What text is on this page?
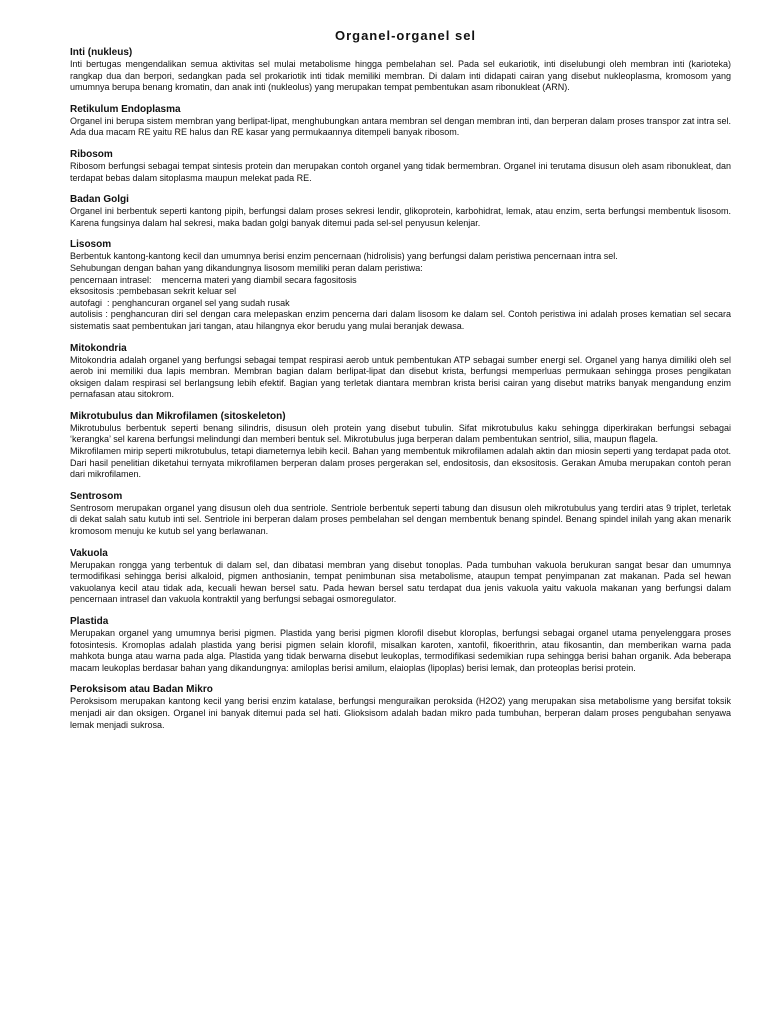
Organel-organel sel
Inti (nukleus)
Inti bertugas mengendalikan semua aktivitas sel mulai metabolisme hingga pembelahan sel. Pada sel eukariotik, inti diselubungi oleh membran inti (karioteka) rangkap dua dan berpori, sedangkan pada sel prokariotik inti tidak memiliki membran. Di dalam inti didapati cairan yang disebut nukleoplasma, kromosom yang umumnya berupa benang kromatin, dan anak inti (nukleolus) yang merupakan tempat pembentukan asam ribonukleat (ARN).
Retikulum Endoplasma
Organel ini berupa sistem membran yang berlipat-lipat, menghubungkan antara membran sel dengan membran inti, dan berperan dalam proses transpor zat intra sel. Ada dua macam RE yaitu RE halus dan RE kasar yang permukaannya ditempeli banyak ribosom.
Ribosom
Ribosom berfungsi sebagai tempat sintesis protein dan merupakan contoh organel yang tidak bermembran. Organel ini terutama disusun oleh asam ribonukleat, dan terdapat bebas dalam sitoplasma maupun melekat pada RE.
Badan Golgi
Organel ini berbentuk seperti kantong pipih, berfungsi dalam proses sekresi lendir, glikoprotein, karbohidrat, lemak, atau enzim, serta berfungsi membentuk lisosom. Karena fungsinya dalam hal sekresi, maka badan golgi banyak ditemui pada sel-sel penyusun kelenjar.
Lisosom
Berbentuk kantong-kantong kecil dan umumnya berisi enzim pencernaan (hidrolisis) yang berfungsi dalam peristiwa pencernaan intra sel.
Sehubungan dengan bahan yang dikandungnya lisosom memiliki peran dalam peristiwa:
pencernaan intrasel:    mencerna materi yang diambil secara fagositosis
eksositosis :pembebasan sekrit keluar sel
autofagi  : penghancuran organel sel yang sudah rusak
autolisis : penghancuran diri sel dengan cara melepaskan enzim pencerna dari dalam lisosom ke dalam sel. Contoh peristiwa ini adalah proses kematian sel secara sistematis saat pembentukan jari tangan, atau hilangnya ekor berudu yang mulai beranjak dewasa.
Mitokondria
Mitokondria adalah organel yang berfungsi sebagai tempat respirasi aerob untuk pembentukan ATP sebagai sumber energi sel. Organel yang hanya dimiliki oleh sel aerob ini memiliki dua lapis membran. Membran bagian dalam berlipat-lipat dan disebut krista, berfungsi memperluas permukaan sehingga proses pengikatan oksigen dalam respirasi sel berlangsung lebih efektif. Bagian yang terletak diantara membran krista berisi cairan yang disebut matriks banyak mengandung enzim pernafasan atau sitokrom.
Mikrotubulus dan Mikrofilamen (sitoskeleton)
Mikrotubulus berbentuk seperti benang silindris, disusun oleh protein yang disebut tubulin. Sifat mikrotubulus kaku sehingga diperkirakan berfungsi sebagai ‘kerangka’ sel karena berfungsi melindungi dan memberi bentuk sel. Mikrotubulus juga berperan dalam pembentukan sentriol, silia, maupun flagela.
Mikrofilamen mirip seperti mikrotubulus, tetapi diameternya lebih kecil. Bahan yang membentuk mikrofilamen adalah aktin dan miosin seperti yang terdapat pada otot. Dari hasil penelitian diketahui ternyata mikrofilamen berperan dalam proses pergerakan sel, endositosis, dan eksositosis. Gerakan Amuba merupakan contoh peran dari mikrofilamen.
Sentrosom
Sentrosom merupakan organel yang disusun oleh dua sentriole. Sentriole berbentuk seperti tabung dan disusun oleh mikrotubulus yang terdiri atas 9 triplet, terletak di dekat salah satu kutub inti sel. Sentriole ini berperan dalam proses pembelahan sel dengan membentuk benang spindel. Benang spindel inilah yang akan menarik kromosom menuju ke kutub sel yang berlawanan.
Vakuola
Merupakan rongga yang terbentuk di dalam sel, dan dibatasi membran yang disebut tonoplas. Pada tumbuhan vakuola berukuran sangat besar dan umumnya termodifikasi sehingga berisi alkaloid, pigmen anthosianin, tempat penimbunan sisa metabolisme, ataupun tempat penyimpanan zat makanan. Pada sel hewan vakuolanya kecil atau tidak ada, kecuali hewan bersel satu. Pada hewan bersel satu terdapat dua jenis vakuola yaitu vakuola makanan yang berfungsi dalam pencernaan intrasel dan vakuola kontraktil yang berfungsi sebagai osmoregulator.
Plastida
Merupakan organel yang umumnya berisi pigmen. Plastida yang berisi pigmen klorofil disebut kloroplas, berfungsi sebagai organel utama penyelenggara proses fotosintesis. Kromoplas adalah plastida yang berisi pigmen selain klorofil, misalkan karoten, xantofil, fikoerithrin, atau fikosantin, dan memberikan warna pada mahkota bunga atau warna pada alga. Plastida yang tidak berwarna disebut leukoplas, termodifikasi sedemikian rupa sehingga berisi bahan organik. Ada beberapa macam leukoplas berdasar bahan yang dikandungnya: amiloplas berisi amilum, elaioplas (lipoplas) berisi lemak, dan proteoplas berisi protein.
Peroksisom atau Badan Mikro
Peroksisom merupakan kantong kecil yang berisi enzim katalase, berfungsi menguraikan peroksida (H2O2) yang merupakan sisa metabolisme yang bersifat toksik menjadi air dan oksigen. Organel ini banyak ditemui pada sel hati. Glioksisom adalah badan mikro pada tumbuhan, berperan dalam proses pengubahan senyawa lemak menjadi sukrosa.
